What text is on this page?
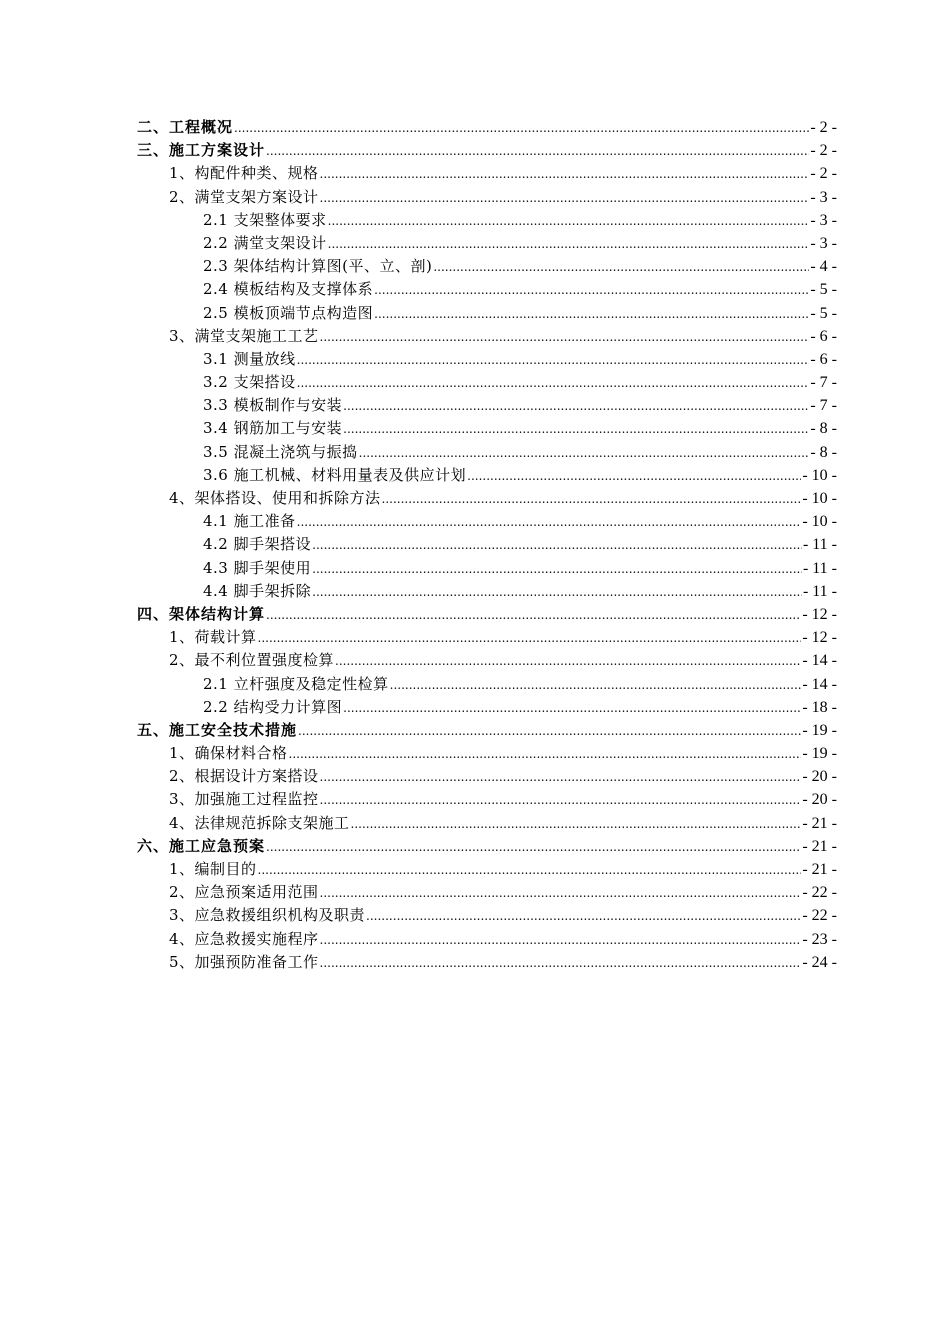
二、工程概况 .....	- 2 -
三、施工方案设计 .....	- 2 -
1、构配件种类、规格 .....	- 2 -
2、满堂支架方案设计 .....	- 3 -
2.1 支架整体要求 .....	- 3 -
2.2 满堂支架设计 .....	- 3 -
2.3 架体结构计算图(平、立、剖) .....	- 4 -
2.4 模板结构及支撑体系 .....	- 5 -
2.5 模板顶端节点构造图 .....	- 5 -
3、满堂支架施工工艺 .....	- 6 -
3.1 测量放线 .....	- 6 -
3.2 支架搭设 .....	- 7 -
3.3 模板制作与安装 .....	- 7 -
3.4 钢筋加工与安装 .....	- 8 -
3.5 混凝土浇筑与振捣 .....	- 8 -
3.6 施工机械、材料用量表及供应计划 .....	- 10 -
4、架体搭设、使用和拆除方法 .....	- 10 -
4.1 施工准备 .....	- 10 -
4.2 脚手架搭设 .....	- 11 -
4.3 脚手架使用 .....	- 11 -
4.4 脚手架拆除 .....	- 11 -
四、架体结构计算 .....	- 12 -
1、荷载计算 .....	- 12 -
2、最不利位置强度检算 .....	- 14 -
2.1 立杆强度及稳定性检算 .....	- 14 -
2.2 结构受力计算图 .....	- 18 -
五、施工安全技术措施 .....	- 19 -
1、确保材料合格 .....	- 19 -
2、根据设计方案搭设 .....	- 20 -
3、加强施工过程监控 .....	- 20 -
4、法律规范拆除支架施工 .....	- 21 -
六、施工应急预案 .....	- 21 -
1、编制目的 .....	- 21 -
2、应急预案适用范围 .....	- 22 -
3、应急救援组织机构及职责 .....	- 22 -
4、应急救援实施程序 .....	- 23 -
5、加强预防准备工作 .....	- 24 -
